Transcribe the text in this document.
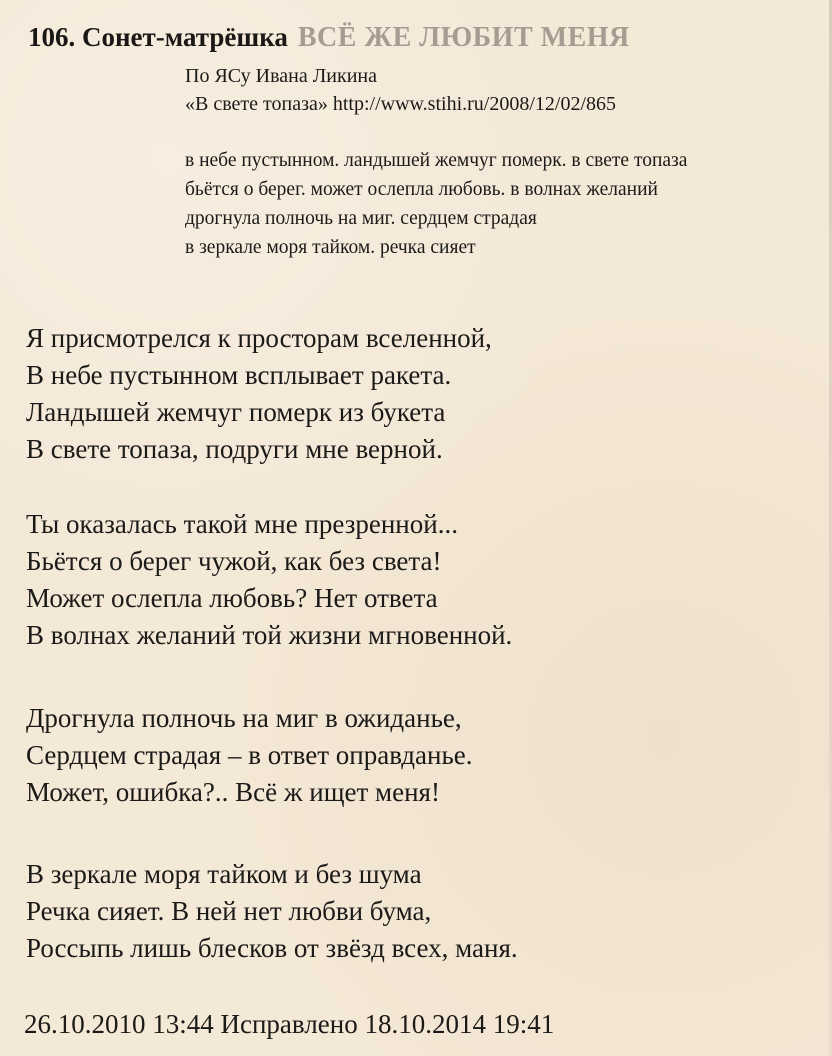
106. Сонет-матрёшка ВСЁ ЖЕ ЛЮБИТ МЕНЯ
По ЯСу Ивана Ликина
«В свете топаза» http://www.stihi.ru/2008/12/02/865
в небе пустынном. ландышей жемчуг померк. в свете топаза
бьётся о берег. может ослепла любовь. в волнах желаний
дрогнула полночь на миг. сердцем страдая
в зеркале моря тайком. речка сияет
Я присмотрелся к просторам вселенной,
В небе пустынном всплывает ракета.
Ландышей жемчуг померк из букета
В свете топаза, подруги мне верной.
Ты оказалась такой мне презренной...
Бьётся о берег чужой, как без света!
Может ослепла любовь? Нет ответа
В волнах желаний той жизни мгновенной.
Дрогнула полночь на миг в ожиданье,
Сердцем страдая – в ответ оправданье.
Может, ошибка?.. Всё ж ищет меня!
В зеркале моря тайком и без шума
Речка сияет. В ней нет любви бума,
Россыпь лишь блесков от звёзд всех, маня.
26.10.2010 13:44 Исправлено 18.10.2014 19:41
